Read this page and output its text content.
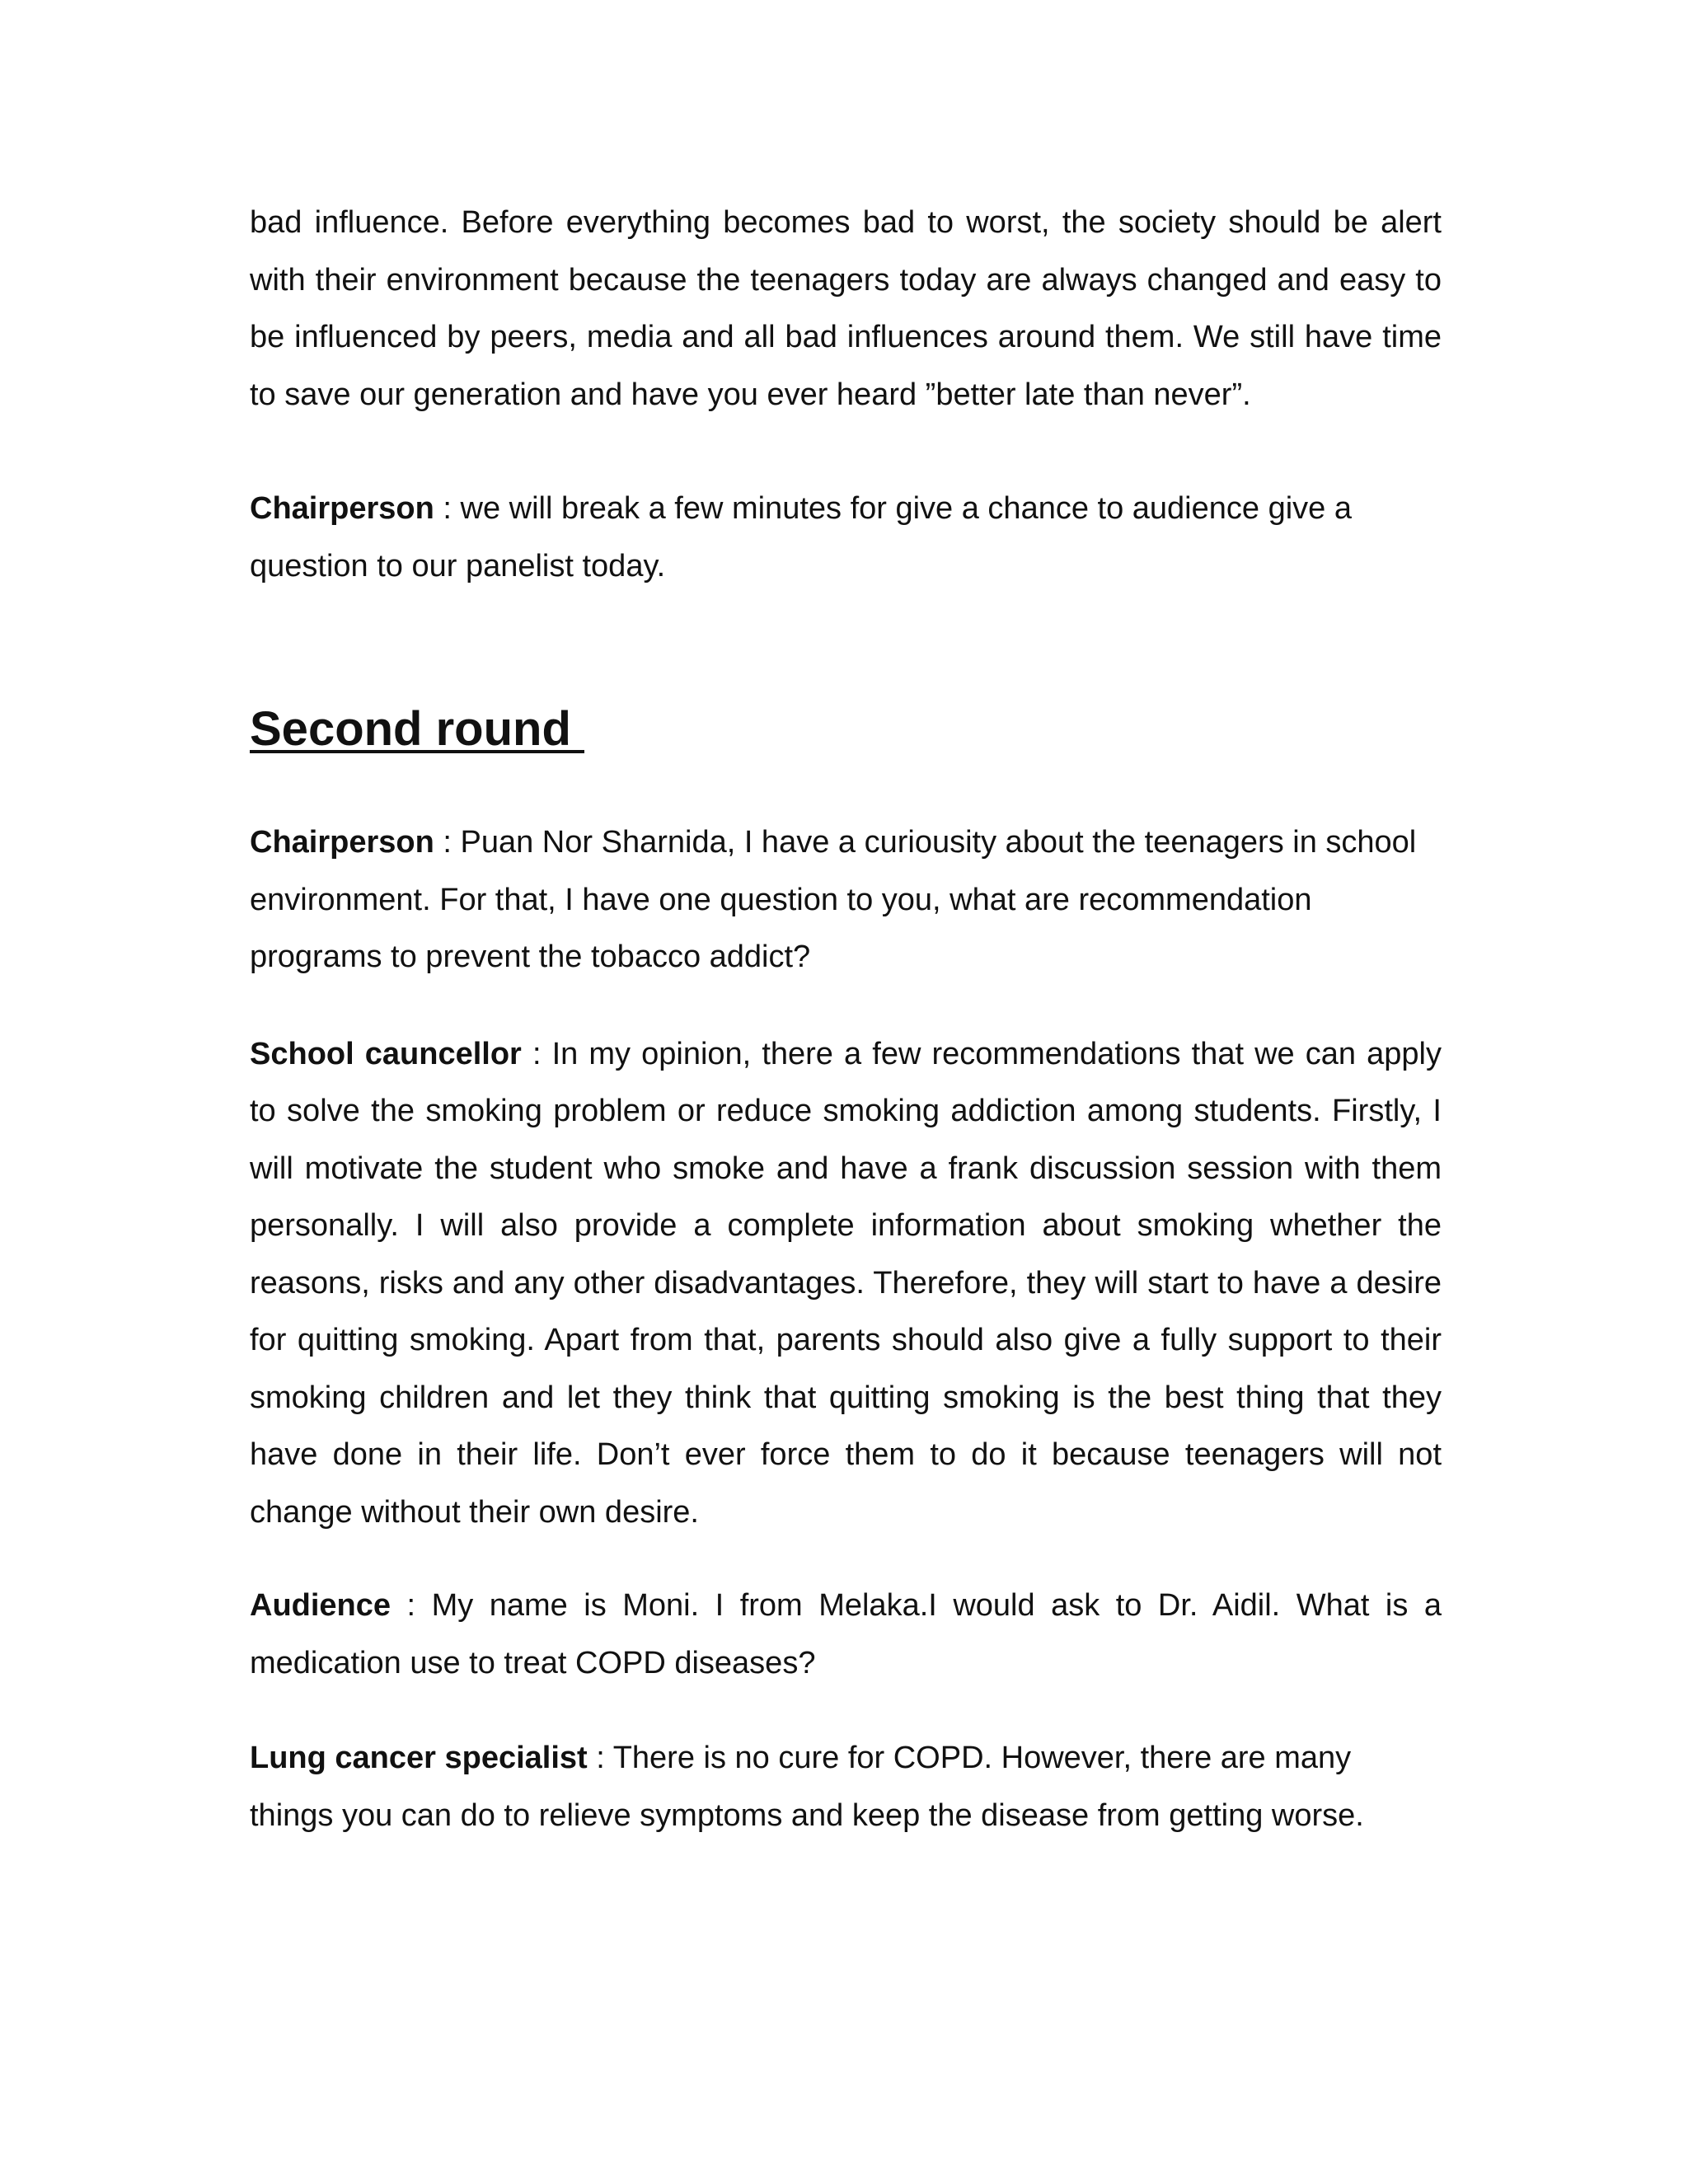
bad influence. Before everything becomes bad to worst, the society should be alert with their environment because the teenagers today are always changed and easy to be influenced by peers, media and all bad influences around them. We still have time to save our generation and have you ever heard ”better late than never”.

Chairperson : we will break a few minutes for give a chance to audience give a question to our panelist today.

Second round

Chairperson : Puan Nor Sharnida, I have a curiousity about the teenagers in school environment. For that, I have one question to you, what are recommendation programs to prevent the tobacco addict?

School cauncellor : In my opinion, there a few recommendations that we can apply to solve the smoking problem or reduce smoking addiction among students. Firstly, I will motivate the student who smoke and have a frank discussion session with them personally. I will also provide a complete information about smoking whether the reasons, risks and any other disadvantages. Therefore, they will start to have a desire for quitting smoking. Apart from that, parents should also give a fully support to their smoking children and let they think that quitting smoking is the best thing that they have done in their life. Don’t ever force them to do it because teenagers will not change without their own desire.

Audience : My name is Moni. I from Melaka.I would ask to Dr. Aidil. What is a medication use to treat COPD diseases?

Lung cancer specialist : There is no cure for COPD. However, there are many things you can do to relieve symptoms and keep the disease from getting worse.
